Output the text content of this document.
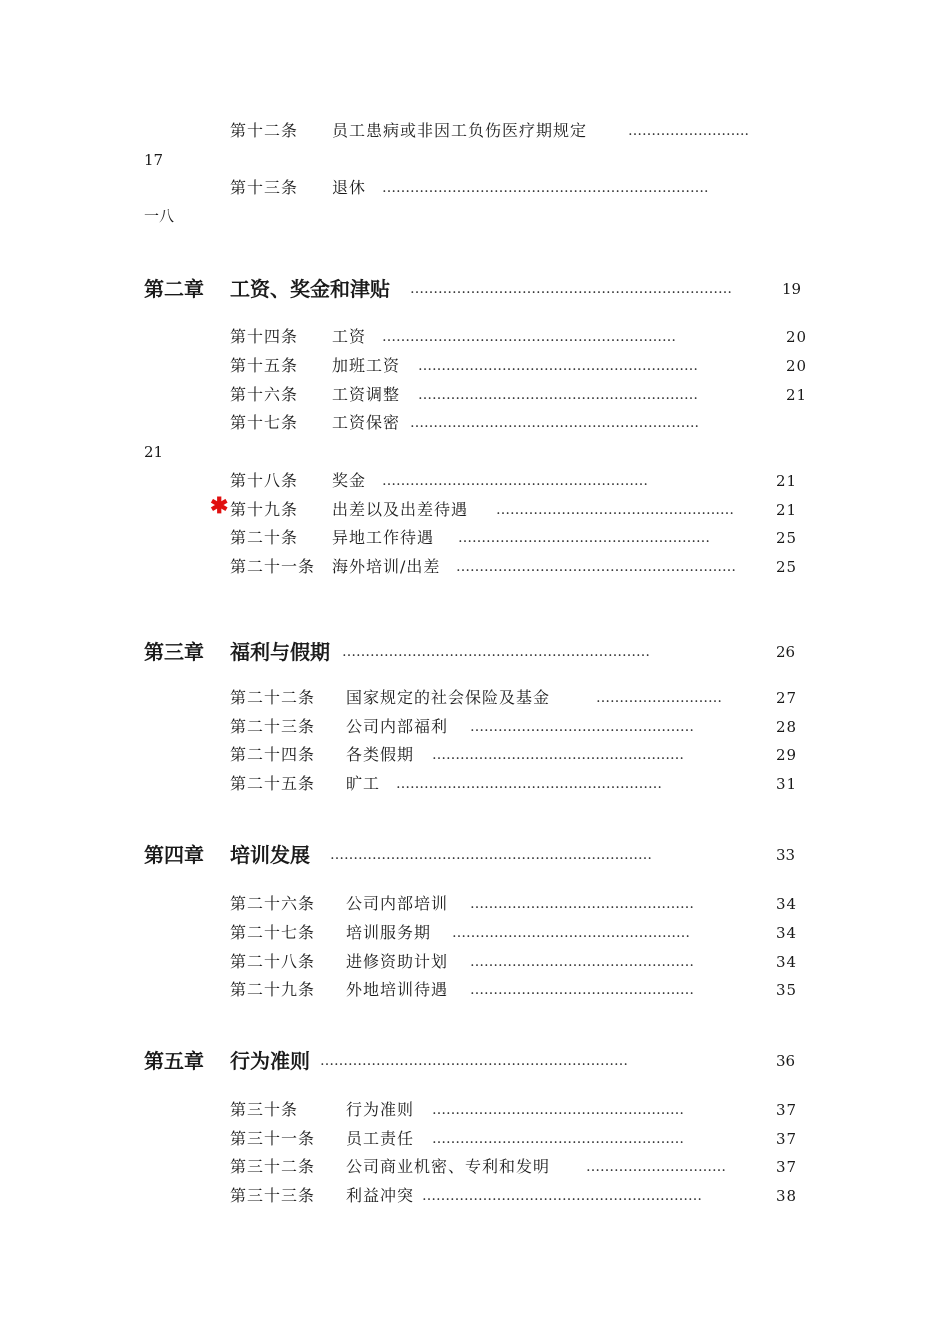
第十二条 员工患病或非因工负伤医疗期规定	……………………..
17
第十三条 退休 …………………………………………………………….
一八
第二章 工资、奖金和津贴 ……………………………………………………………	19
第十四条 工资 ………………………………………………………	20
第十五条 加班工资 ……………………………………………………	20
第十六条 工资调整 ……………………………………………………	21
第十七条 工资保密 ……………………………………………………..
21
第十八条 奖金 …………………………………………………	21
✱ 第十九条 出差以及出差待遇 ……………………………………………	21
第二十条 异地工作待遇 ………………………………………………	25
第二十一条 海外培训/出差 ……………………………………………………	25
第三章 福利与假期 …………………………………………………………	26
第二十二条 国家规定的社会保险及基金	………………………	27
第二十三条 公司内部福利 …………………………………………	28
第二十四条 各类假期 ………………………………………………	29
第二十五条 旷工 …………………………………………………	31
第四章 培训发展 ……………………………………………………………	33
第二十六条 公司内部培训 …………………………………………	34
第二十七条 培训服务期 ……………………………………………	34
第二十八条 进修资助计划 …………………………………………	34
第二十九条 外地培训待遇 …………………………………………	35
第五章 行为准则 …………………………………………………………	36
第三十条	行为准则 ………………………………………………	37
第三十一条 员工责任 ………………………………………………	37
第三十二条 公司商业机密、专利和发明	…………………………	37
第三十三条 利益冲突 ……………………………………………………	38
